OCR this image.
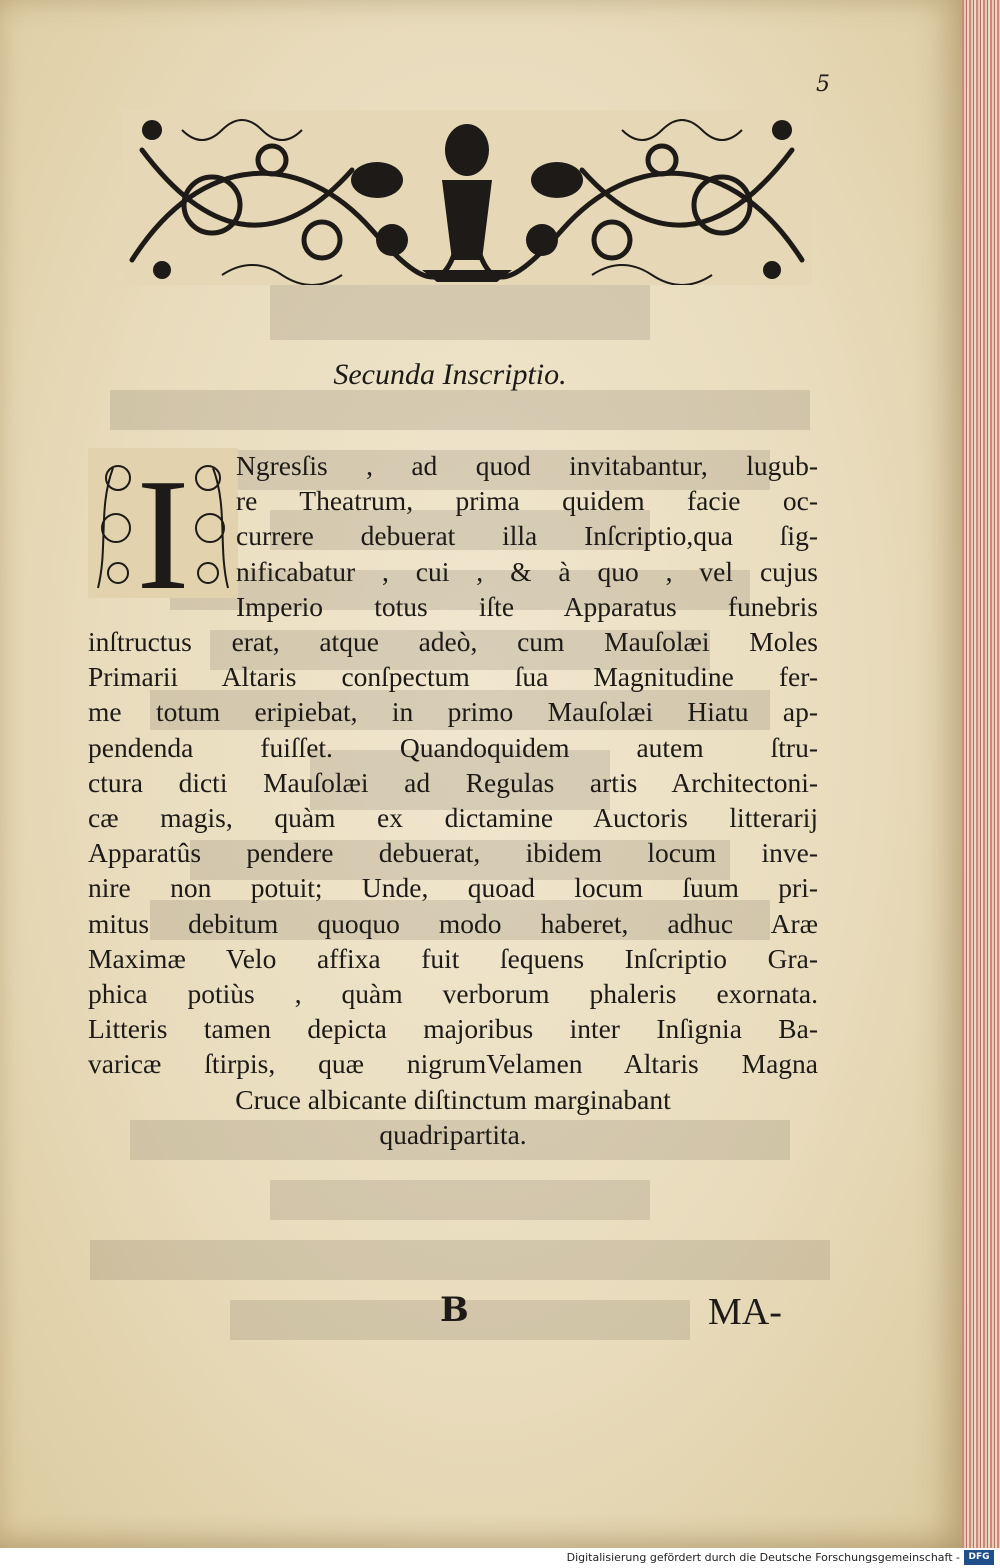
5
Secunda Inscriptio.
I	Ngresſis , ad quod invitabantur, lugub-
re Theatrum, prima quidem facie oc-
currere debuerat illa Inſcriptio,qua ſig-
nificabatur , cui , & à quo , vel cujus
Imperio totus iſte Apparatus funebris
inſtructus erat, atque adeò, cum Mauſolæi Moles
Primarii Altaris conſpectum ſua Magnitudine fer-
me totum eripiebat, in primo Mauſolæi Hiatu ap-
pendenda fuiſſet. Quandoquidem autem ſtru-
ctura dicti Mauſolæi ad Regulas artis Architectoni-
cæ magis, quàm ex dictamine Auctoris litterarij
Apparatûs pendere debuerat, ibidem locum inve-
nire non potuit; Unde, quoad locum ſuum pri-
mitus debitum quoquo modo haberet, adhuc Aræ
Maximæ Velo affixa fuit ſequens Inſcriptio Gra-
phica potiùs , quàm verborum phaleris exornata.
Litteris tamen depicta majoribus inter Inſignia Ba-
varicæ ſtirpis, quæ nigrumVelamen Altaris Magna
Cruce albicante diſtinctum marginabant
quadripartita.
B	MA-
Digitalisierung gefördert durch die Deutsche Forschungsgemeinschaft - DFG
